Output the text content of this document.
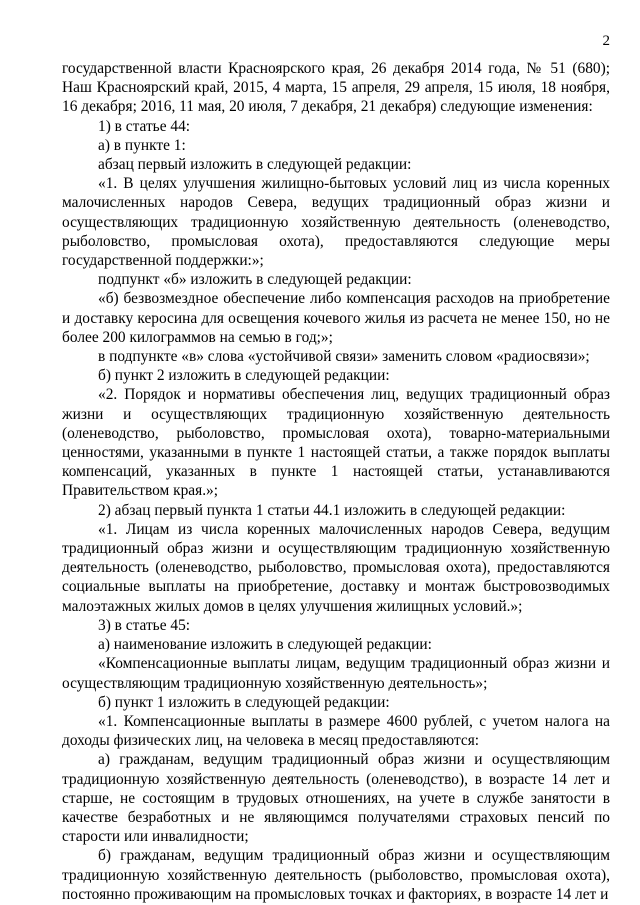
2

государственной власти Красноярского края, 26 декабря 2014 года, № 51 (680); Наш Красноярский край, 2015, 4 марта, 15 апреля, 29 апреля, 15 июля, 18 ноября, 16 декабря; 2016, 11 мая, 20 июля, 7 декабря, 21 декабря) следующие изменения:

1) в статье 44:

а) в пункте 1:

абзац первый изложить в следующей редакции:

«1. В целях улучшения жилищно-бытовых условий лиц из числа коренных малочисленных народов Севера, ведущих традиционный образ жизни и осуществляющих традиционную хозяйственную деятельность (оленеводство, рыболовство, промысловая охота), предоставляются следующие меры государственной поддержки:»;

подпункт «б» изложить в следующей редакции:

«б) безвозмездное обеспечение либо компенсация расходов на приобретение и доставку керосина для освещения кочевого жилья из расчета не менее 150, но не более 200 килограммов на семью в год;»;

в подпункте «в» слова «устойчивой связи» заменить словом «радиосвязи»;

б) пункт 2 изложить в следующей редакции:

«2. Порядок и нормативы обеспечения лиц, ведущих традиционный образ жизни и осуществляющих традиционную хозяйственную деятельность (оленеводство, рыболовство, промысловая охота), товарно-материальными ценностями, указанными в пункте 1 настоящей статьи, а также порядок выплаты компенсаций, указанных в пункте 1 настоящей статьи, устанавливаются Правительством края.»;

2) абзац первый пункта 1 статьи 44.1 изложить в следующей редакции:

«1. Лицам из числа коренных малочисленных народов Севера, ведущим традиционный образ жизни и осуществляющим традиционную хозяйственную деятельность (оленеводство, рыболовство, промысловая охота), предоставляются социальные выплаты на приобретение, доставку и монтаж быстровозводимых малоэтажных жилых домов в целях улучшения жилищных условий.»;

3) в статье 45:

а) наименование изложить в следующей редакции:

«Компенсационные выплаты лицам, ведущим традиционный образ жизни и осуществляющим традиционную хозяйственную деятельность»;

б) пункт 1 изложить в следующей редакции:

«1. Компенсационные выплаты в размере 4600 рублей, с учетом налога на доходы физических лиц, на человека в месяц предоставляются:

а) гражданам, ведущим традиционный образ жизни и осуществляющим традиционную хозяйственную деятельность (оленеводство), в возрасте 14 лет и старше, не состоящим в трудовых отношениях, на учете в службе занятости в качестве безработных и не являющимся получателями страховых пенсий по старости или инвалидности;

б) гражданам, ведущим традиционный образ жизни и осуществляющим традиционную хозяйственную деятельность (рыболовство, промысловая охота), постоянно проживающим на промысловых точках и факториях, в возрасте 14 лет и
